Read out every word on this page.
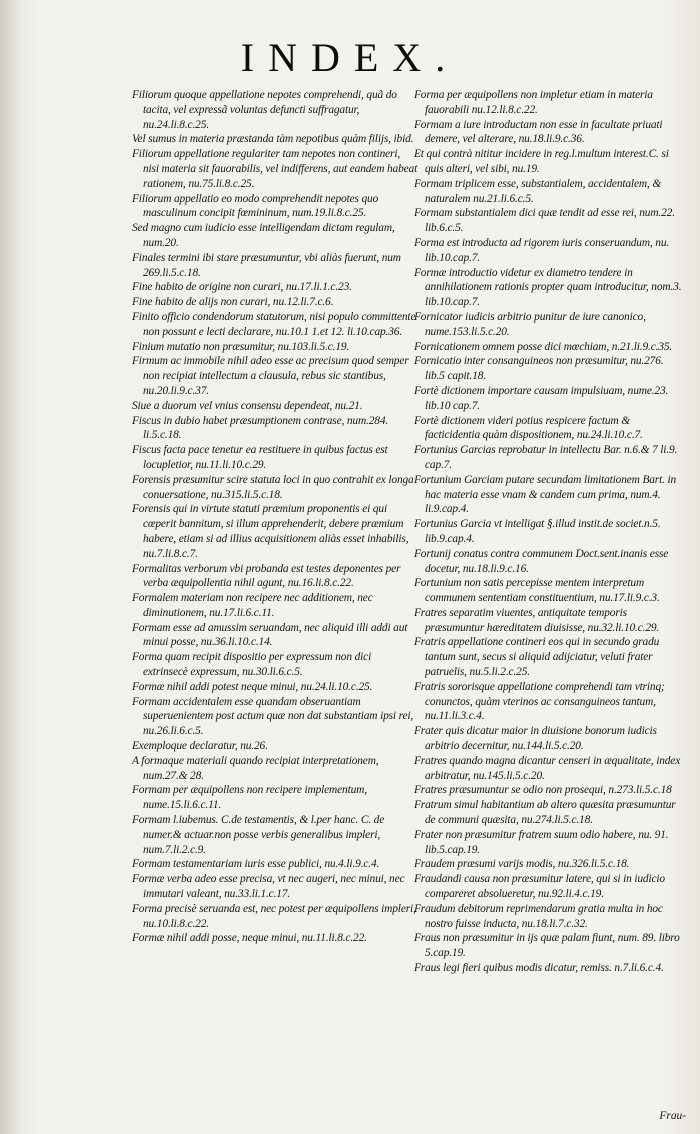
INDEX.

Filiorum quoque appellatione nepotes comprehendi, quã do tacita, vel expressã voluntas defuncti suffragatur, nu.24.li.8.c.25.

Vel sumus in materia præstanda tàm nepotibus quàm filijs, ibid.

Filiorum appellatione regulariter tam nepotes non contineri, nisi materia sit fauorabilis, vel indifferens, aut eandem habeat rationem, nu.75.li.8.c.25.

Filiorum appellatio eo modo comprehendit nepotes quo masculinum concipit fœmininum, num.19.li.8.c.25.

Sed magno cum iudicio esse intelligendam dictam regulam, num.20.

Finales termini ibi stare præsumuntur, vbi aliàs fuerunt, num 269.li.5.c.18.

Fine habito de origine non curari, nu.17.li.1.c.23.

Fine habito de alijs non curari, nu.12.li.7.c.6.

Finito officio condendorum statutorum, nisi populo committente non possunt e lecti declarare, nu.10.1 1.et 12. li.10.cap.36.

Finium mutatio non præsumitur, nu.103.li.5.c.19.

Firmum ac immobile nihil adeo esse ac precisum quod semper non recipiat intellectum a clausula, rebus sic stantibus, nu.20.li.9.c.37.

Siue a duorum vel vnius consensu dependeat, nu.21.

Fiscus in dubio habet præsumptionem contrase, num.284. li.5.c.18.

Fiscus facta pace tenetur ea restituere in quibus factus est locupletior, nu.11.li.10.c.29.

Forensis præsumitur scire statuta loci in quo contrahit ex longa conuersatione, nu.315.li.5.c.18.

Forensis qui in virtute statuti præmium proponentis ei qui cœperit bannitum, si illum apprehenderit, debere præmium habere, etiam si ad illius acquisitionem aliàs esset inhabilis, nu.7.li.8.c.7.

Formalitas verborum vbi probanda est testes deponentes per verba æquipollentia nihil agunt, nu.16.li.8.c.22.

Formalem materiam non recipere nec additionem, nec diminutionem, nu.17.li.6.c.11.

Formam esse ad amussim seruandam, nec aliquid illi addi aut minui posse, nu.36.li.10.c.14.

Forma quam recipit dispositio per expressum non dici extrinsecè expressum, nu.30.li.6.c.5.

Formæ nihil addi potest neque minui, nu.24.li.10.c.25.

Formam accidentalem esse quandam obseruantiam superuenientem post actum quæ non dat substantiam ipsi rei, nu.26.li.6.c.5.

Exemploque declaratur, nu.26.

A formaque materiali quando recipiat interpretationem, num.27.& 28.

Formam per æquipollens non recipere implementum, nume.15.li.6.c.11.

Formam l.iubemus. C.de testamentis, & l.per hanc. C. de numer.& actuar.non posse verbis generalibus impleri, num.7.li.2.c.9.

Formam testamentariam iuris esse publici, nu.4.li.9.c.4.

Formæ verba adeo esse precisa, vt nec augeri, nec minui, nec immutari valeant, nu.33.li.1.c.17.

Forma precisè seruanda est, nec potest per æquipollens impleri, nu.10.li.8.c.22.

Formæ nihil addi posse, neque minui, nu.11.li.8.c.22.

Forma per æquipollens non impletur etiam in materia fauorabili nu.12.li.8.c.22.

Formam a iure introductam non esse in facultate priuati demere, vel alterare, nu.18.li.9.c.36.

Et qui contrà nititur incidere in reg.l.multum interest.C. si quis alteri, vel sibi, nu.19.

Formam triplicem esse, substantialem, accidentalem, & naturalem nu.21.li.6.c.5.

Formam substantialem dici quæ tendit ad esse rei, num.22. lib.6.c.5.

Forma est introducta ad rigorem iuris conseruandum, nu. lib.10.cap.7.

Formæ introductio videtur ex diametro tendere in annihilationem rationis propter quam introducitur, nom.3. lib.10.cap.7.

Fornicator iudicis arbitrio punitur de iure canonico, nume.153.li.5.c.20.

Fornicationem omnem posse dici mœchiam, n.21.li.9.c.35.

Fornicatio inter consanguineos non præsumitur, nu.276. lib.5 capit.18.

Fortè dictionem importare causam impulsiuam, nume.23. lib.10 cap.7.

Fortè dictionem videri potius respicere factum & facticidentia quàm dispositionem, nu.24.li.10.c.7.

Fortunius Garcias reprobatur in intellectu Bar. n.6.& 7 li.9. cap.7.

Fortunium Garciam putare secundam limitationem Bart. in hac materia esse vnam & candem cum prima, num.4. li.9.cap.4.

Fortunius Garcia vt intelligat §.illud instit.de societ.n.5. lib.9.cap.4.

Fortunij conatus contra communem Doct.sent.inanis esse docetur, nu.18.li.9.c.16.

Fortunium non satis percepisse mentem interpretum communem sententiam constituentium, nu.17.li.9.c.3.

Fratres separatim viuentes, antiquitate temporis præsumuntur hæreditatem diuisisse, nu.32.li.10.c.29.

Fratris appellatione contineri eos qui in secundo gradu tantum sunt, secus si aliquid adijciatur, veluti frater patruelis, nu.5.li.2.c.25.

Fratris sororisque appellatione comprehendi tam vtrinq; conunctos, quàm vterinos ac consanguineos tantum, nu.11.li.3.c.4.

Frater quis dicatur maior in diuisione bonorum iudicis arbitrio decernitur, nu.144.li.5.c.20.

Fratres quando magna dicantur censeri in æqualitate, index arbitratur, nu.145.li.5.c.20.

Fratres præsumuntur se odio non prosequi, n.273.li.5.c.18

Fratrum simul habitantium ab altero quæsita præsumuntur de communi quæsita, nu.274.li.5.c.18.

Frater non præsumitur fratrem suum odio habere, nu. 91. lib.5.cap.19.

Fraudem præsumi varijs modis, nu.326.li.5.c.18.

Fraudandi causa non præsumitur latere, qui si in iudicio compareret absolueretur, nu.92.li.4.c.19.

Fraudum debitorum reprimendarum gratia multa in hoc nostro fuisse inducta, nu.18.li.7.c.32.

Fraus non præsumitur in ijs quæ palam fiunt, num. 89. libro 5.cap.19.

Fraus legi fieri quibus modis dicatur, remiss. n.7.li.6.c.4.

Frau-
